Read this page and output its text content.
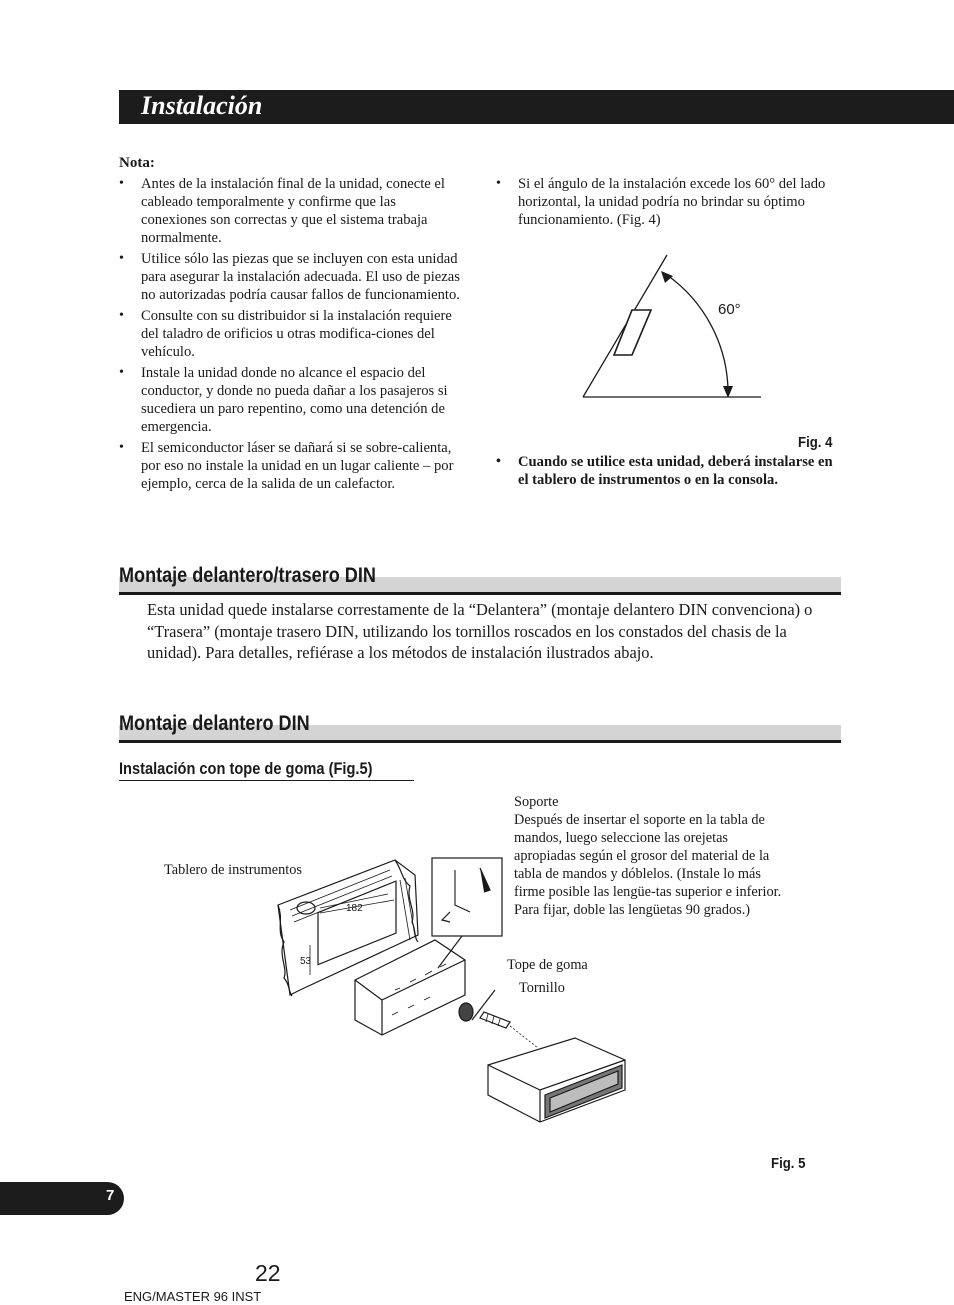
Instalación
Nota:
• Antes de la instalación final de la unidad, conecte el cableado temporalmente y confirme que las conexiones son correctas y que el sistema trabaja normalmente.
• Utilice sólo las piezas que se incluyen con esta unidad para asegurar la instalación adecuada. El uso de piezas no autorizadas podría causar fallos de funcionamiento.
• Consulte con su distribuidor si la instalación requiere del taladro de orificios u otras modifica-ciones del vehículo.
• Instale la unidad donde no alcance el espacio del conductor, y donde no pueda dañar a los pasajeros si sucediera un paro repentino, como una detención de emergencia.
• El semiconductor láser se dañará si se sobre-calienta, por eso no instale la unidad en un lugar caliente – por ejemplo, cerca de la salida de un calefactor.
• Si el ángulo de la instalación excede los 60° del lado horizontal, la unidad podría no brindar su óptimo funcionamiento. (Fig. 4)
60°
Fig. 4
• Cuando se utilice esta unidad, deberá instalarse en el tablero de instrumentos o en la consola.
Montaje delantero/trasero DIN
Esta unidad quede instalarse correstamente de la “Delantera” (montaje delantero DIN convenciona) o “Trasera” (montaje trasero DIN, utilizando los tornillos roscados en los constados del chasis de la unidad). Para detalles, refiérase a los métodos de instalación ilustrados abajo.
Montaje delantero DIN
Instalación con tope de goma (Fig.5)
Soporte
Después de insertar el soporte en la tabla de mandos, luego seleccione las orejetas apropiadas según el grosor del material de la tabla de mandos y dóblelos. (Instale lo más firme posible las lengüe-tas superior e inferior. Para fijar, doble las lengüetas 90 grados.)
Tablero de instrumentos
Tope de goma
Tornillo
182
53
Fig. 5
7
22
ENG/MASTER 96 INST
